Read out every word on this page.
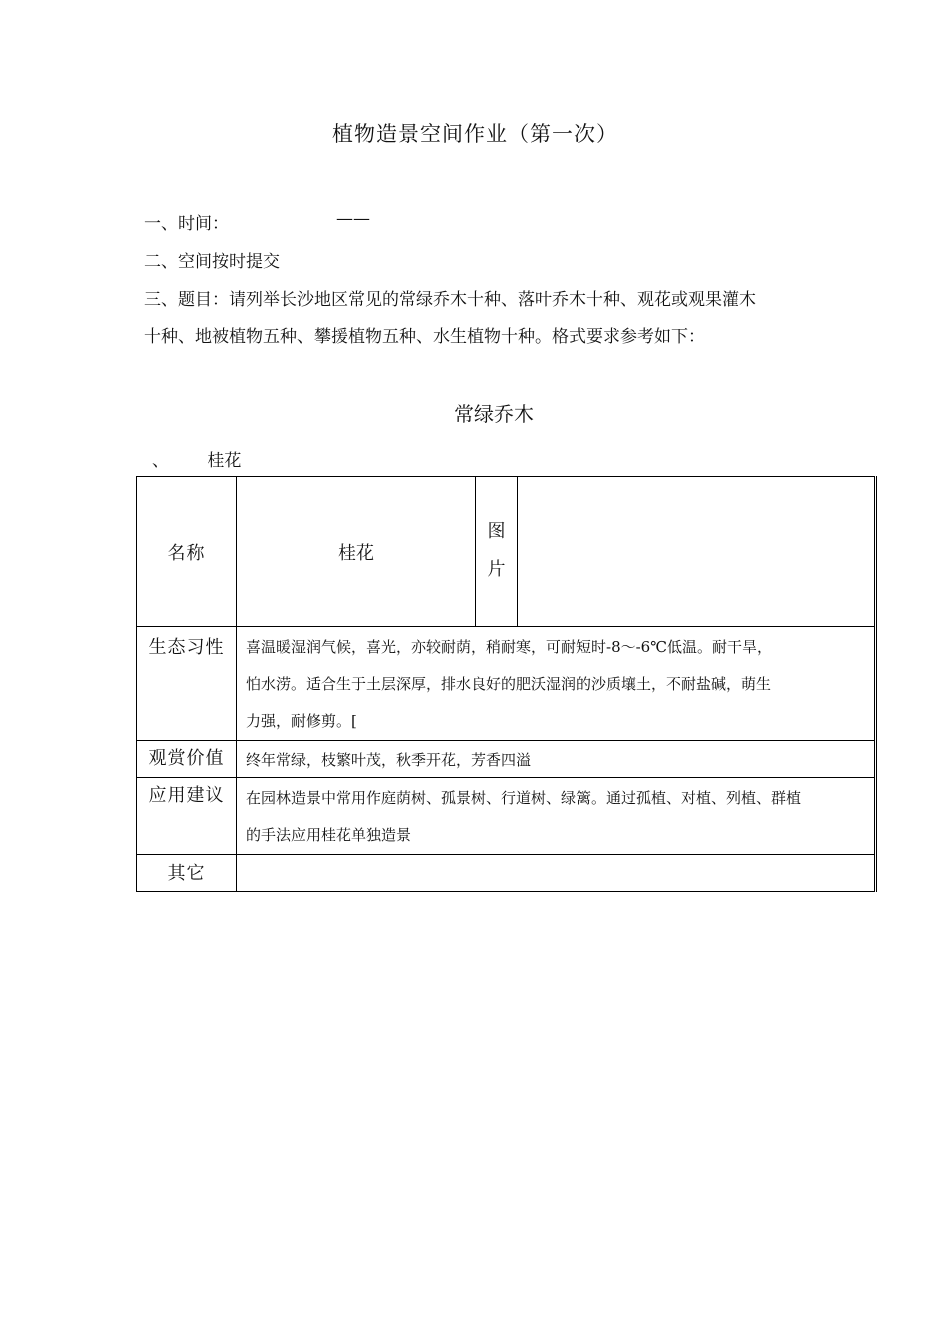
植物造景空间作业（第一次）
一、时间：	——
二、空间按时提交
三、题目：请列举长沙地区常见的常绿乔木十种、落叶乔木十种、观花或观果灌木
十种、地被植物五种、攀援植物五种、水生植物十种。格式要求参考如下：
常绿乔木
、 桂花
名称	桂花	图
片	

生态习性	喜温暖湿润气候，喜光，亦较耐荫，稍耐寒，可耐短时-8～-6℃低温。耐干旱，
怕水涝。适合生于土层深厚，排水良好的肥沃湿润的沙质壤土，不耐盐碱，萌生
力强，耐修剪。[		

观赏价值	终年常绿，枝繁叶茂，秋季开花，芳香四溢		

应用建议	在园林造景中常用作庭荫树、孤景树、行道树、绿篱。通过孤植、对植、列植、群植
的手法应用桂花单独造景		

其它			
